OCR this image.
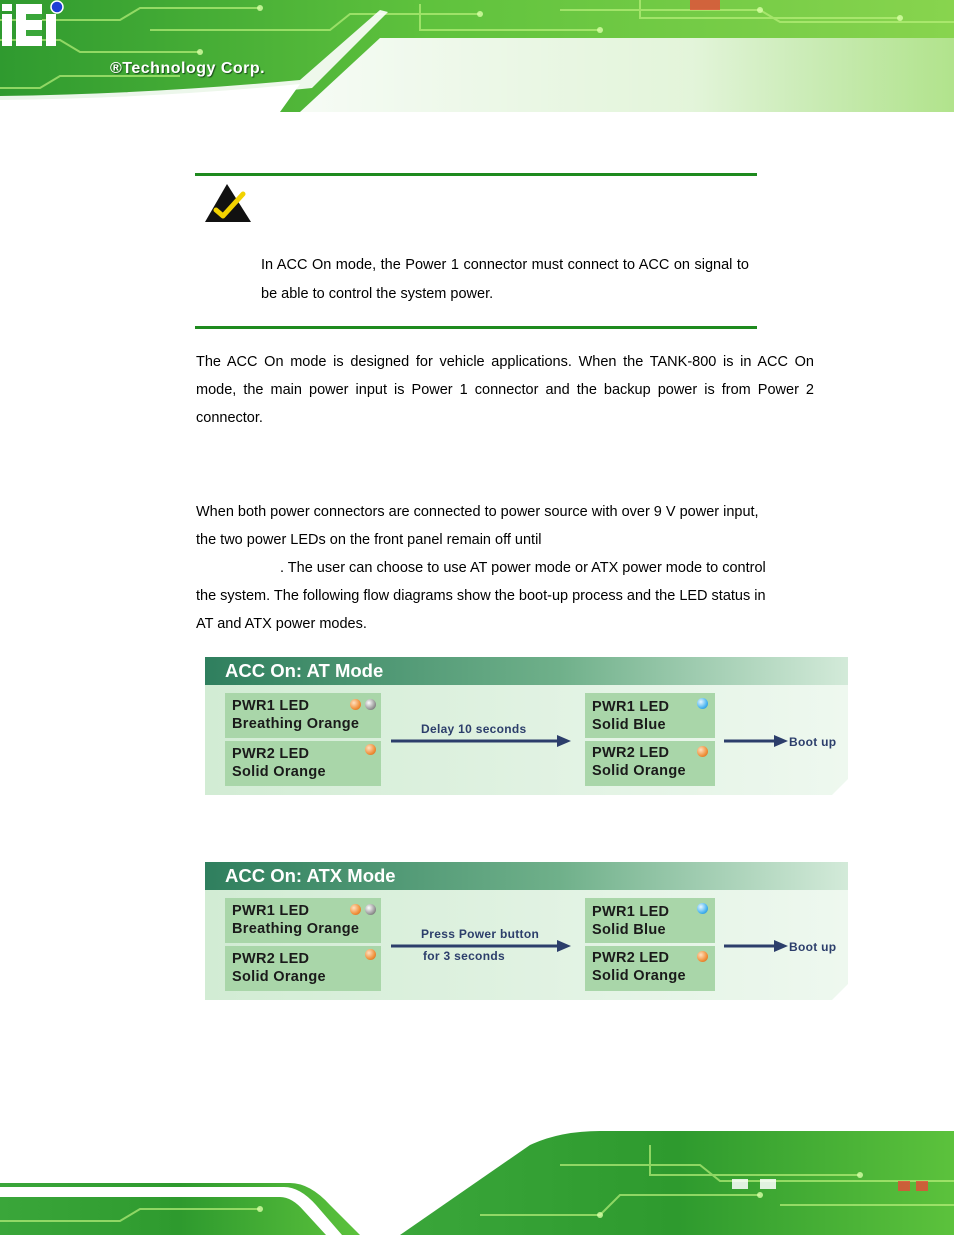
®Technology Corp.
In ACC On mode, the Power 1 connector must connect to ACC on signal to be able to control the system power.
The ACC On mode is designed for vehicle applications. When the TANK-800 is in ACC On mode, the main power input is Power 1 connector and the backup power is from Power 2 connector.
When both power connectors are connected to power source with over 9 V power input,
the two power LEDs on the front panel remain off until
. The user can choose to use AT power mode or ATX power mode to control
the system. The following flow diagrams show the boot-up process and the LED status in
AT and ATX power modes.
ACC On: AT Mode
PWR1 LED
Breathing Orange
PWR2 LED
Solid Orange
Delay 10 seconds
PWR1 LED
Solid Blue
PWR2 LED
Solid Orange
Boot up
ACC On: ATX Mode
PWR1 LED
Breathing Orange
PWR2 LED
Solid Orange
Press Power button
for 3 seconds
PWR1 LED
Solid Blue
PWR2 LED
Solid Orange
Boot up
